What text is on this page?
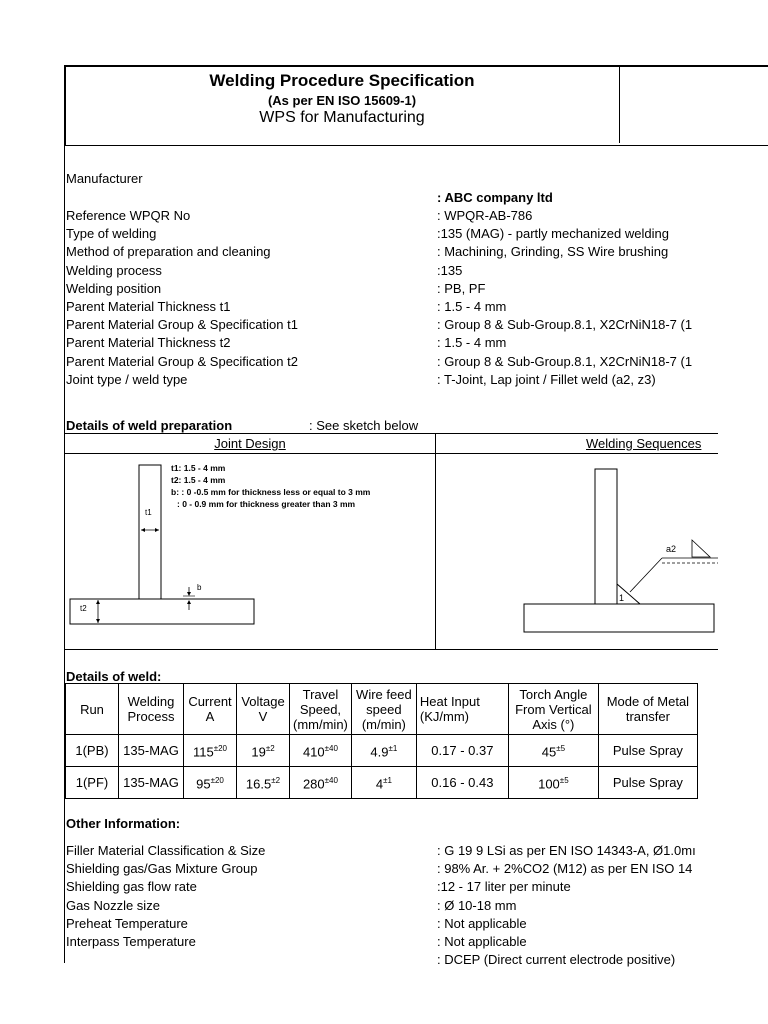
Welding Procedure Specification
(As per EN ISO 15609-1)
WPS for Manufacturing
Manufacturer
: ABC company ltd
Reference WPQR No	: WPQR-AB-786
Type of welding	:135 (MAG) - partly mechanized welding
Method of preparation and cleaning	: Machining, Grinding, SS Wire brushing
Welding process	:135
Welding position	: PB, PF
Parent Material Thickness t1	: 1.5 - 4 mm
Parent Material Group & Specification t1	: Group 8 & Sub-Group.8.1, X2CrNiN18-7 (1
Parent Material Thickness t2	: 1.5 - 4 mm
Parent Material Group & Specification t2	: Group 8 & Sub-Group.8.1, X2CrNiN18-7 (1
Joint type / weld type	: T-Joint, Lap joint / Fillet weld (a2, z3)
Details of weld preparation	: See sketch below
Joint Design	Welding Sequences
t1
t2
b
t1: 1.5 - 4 mm
t2: 1.5 - 4 mm
b: : 0 -0.5 mm for thickness less or equal to 3 mm
: 0 - 0.9 mm for thickness greater than 3 mm
1
a2
Details of weld:
Run	Welding Process	Current A	Voltage V	Travel Speed, (mm/min)	Wire feed speed (m/min)	Heat Input (KJ/mm)	Torch Angle From Vertical Axis (°)	Mode of Metal transfer
1(PB)	135-MAG	$115^{\pm 20}$	$19^{\pm 2}$	$410^{\pm 40}$	$4.9^{\pm 1}$	0.17 - 0.37	$45^{\pm 5}$	Pulse Spray
1(PF)	135-MAG	$95^{\pm 20}$	$16.5^{\pm 2}$	$280^{\pm 40}$	$4^{\pm 1}$	0.16 - 0.43	$100^{\pm 5}$	Pulse Spray
Other Information:
Filler Material Classification & Size	: G 19 9 LSi as per EN ISO 14343-A, Ø1.0mı
Shielding gas/Gas Mixture Group	: 98% Ar. + 2%CO2 (M12) as per EN ISO 14
Shielding gas flow rate	:12 - 17 liter per minute
Gas Nozzle size	: Ø 10-18 mm
Preheat Temperature	: Not applicable
Interpass Temperature	: Not applicable
: DCEP (Direct current electrode positive)
